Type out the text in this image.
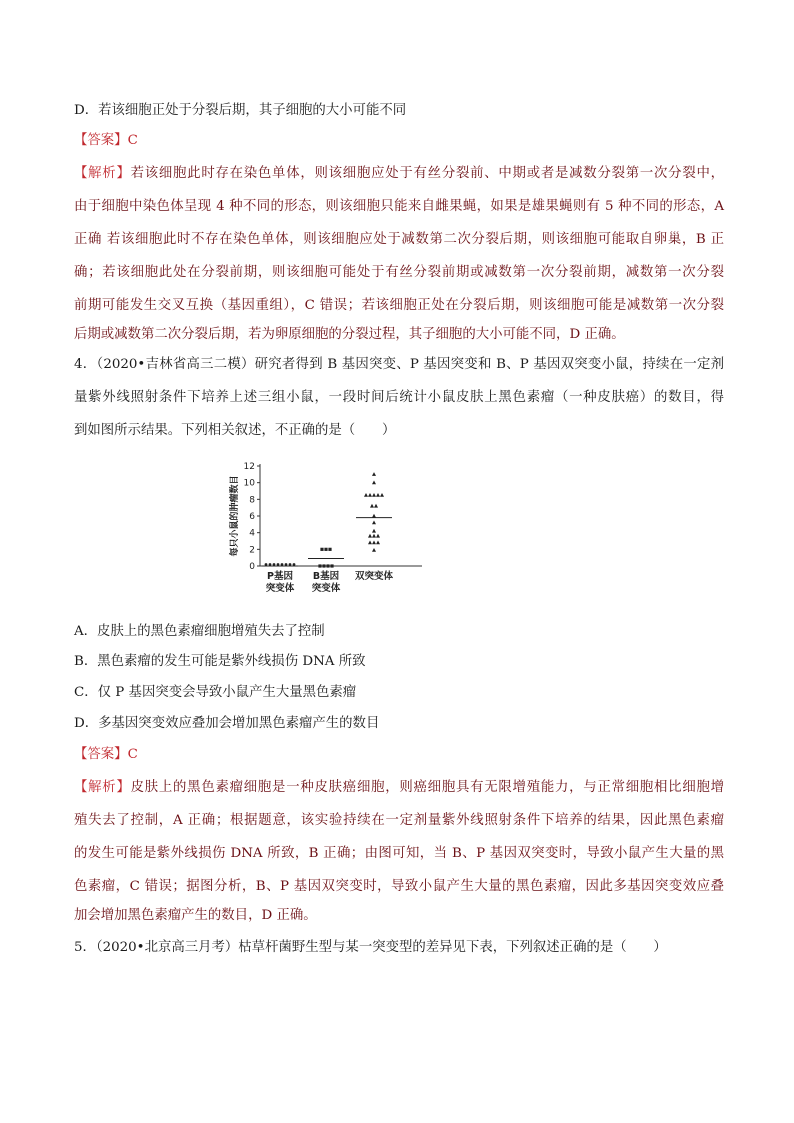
D．若该细胞正处于分裂后期，其子细胞的大小可能不同
【答案】C
【解析】若该细胞此时存在染色单体，则该细胞应处于有丝分裂前、中期或者是减数分裂第一次分裂中，
由于细胞中染色体呈现 4 种不同的形态，则该细胞只能来自雌果蝇，如果是雄果蝇则有 5 种不同的形态，A
正确 若该细胞此时不存在染色单体，则该细胞应处于减数第二次分裂后期，则该细胞可能取自卵巢，B 正
确；若该细胞此处在分裂前期，则该细胞可能处于有丝分裂前期或减数第一次分裂前期，减数第一次分裂
前期可能发生交叉互换（基因重组），C 错误；若该细胞正处在分裂后期，则该细胞可能是减数第一次分裂
后期或减数第二次分裂后期，若为卵原细胞的分裂过程，其子细胞的大小可能不同，D 正确。
4．（2020•吉林省高三二模）研究者得到 B 基因突变、P 基因突变和 B、P 基因双突变小鼠，持续在一定剂
量紫外线照射条件下培养上述三组小鼠，一段时间后统计小鼠皮肤上黑色素瘤（一种皮肤癌）的数目，得
到如图所示结果。下列相关叙述，不正确的是（　　）
0
2
4
6
8
10
12
每只小鼠的肿瘤数目
P基因
突变体
B基因
突变体
双突变体
A．皮肤上的黑色素瘤细胞增殖失去了控制
B．黑色素瘤的发生可能是紫外线损伤 DNA 所致
C．仅 P 基因突变会导致小鼠产生大量黑色素瘤
D．多基因突变效应叠加会增加黑色素瘤产生的数目
【答案】C
【解析】皮肤上的黑色素瘤细胞是一种皮肤癌细胞，则癌细胞具有无限增殖能力，与正常细胞相比细胞增
殖失去了控制，A 正确；根据题意，该实验持续在一定剂量紫外线照射条件下培养的结果，因此黑色素瘤
的发生可能是紫外线损伤 DNA 所致，B 正确；由图可知，当 B、P 基因双突变时，导致小鼠产生大量的黑
色素瘤，C 错误；据图分析，B、P 基因双突变时，导致小鼠产生大量的黑色素瘤，因此多基因突变效应叠
加会增加黑色素瘤产生的数目，D 正确。
5．（2020•北京高三月考）枯草杆菌野生型与某一突变型的差异见下表，下列叙述正确的是（　　）
